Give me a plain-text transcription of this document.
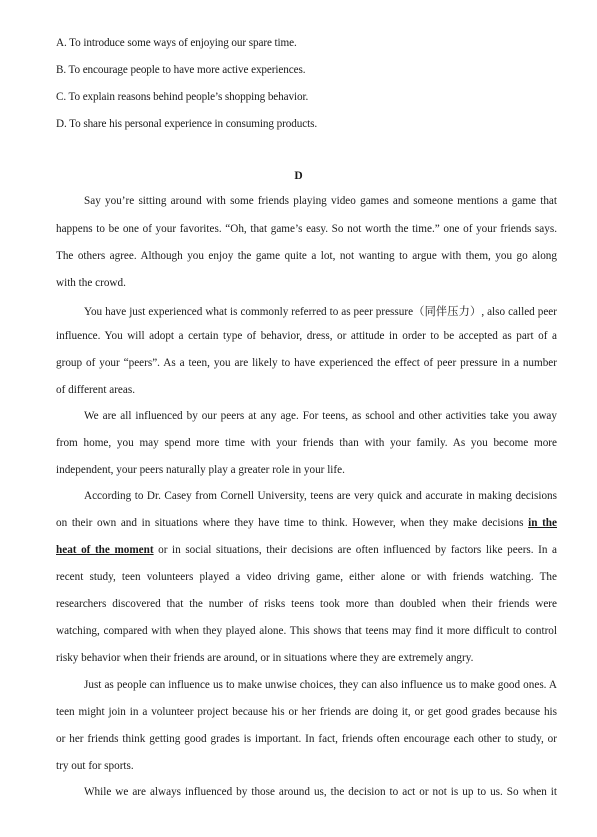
A. To introduce some ways of enjoying our spare time.
B. To encourage people to have more active experiences.
C. To explain reasons behind people’s shopping behavior.
D. To share his personal experience in consuming products.
D
Say you’re sitting around with some friends playing video games and someone mentions a game that
happens to be one of your favorites. “Oh, that game’s easy. So not worth the time.” one of your friends says.
The others agree. Although you enjoy the game quite a lot, not wanting to argue with them, you go along
with the crowd.
You have just experienced what is commonly referred to as peer pressure（同伴压力）, also called peer
influence. You will adopt a certain type of behavior, dress, or attitude in order to be accepted as part of a
group of your “peers”. As a teen, you are likely to have experienced the effect of peer pressure in a number
of different areas.
We are all influenced by our peers at any age. For teens, as school and other activities take you away
from home, you may spend more time with your friends than with your family. As you become more
independent, your peers naturally play a greater role in your life.
According to Dr. Casey from Cornell University, teens are very quick and accurate in making decisions
on their own and in situations where they have time to think. However, when they make decisions in the
heat of the moment or in social situations, their decisions are often influenced by factors like peers. In a
recent study, teen volunteers played a video driving game, either alone or with friends watching. The
researchers discovered that the number of risks teens took more than doubled when their friends were
watching, compared with when they played alone. This shows that teens may find it more difficult to control
risky behavior when their friends are around, or in situations where they are extremely angry.
Just as people can influence us to make unwise choices, they can also influence us to make good ones. A
teen might join in a volunteer project because his or her friends are doing it, or get good grades because his
or her friends think getting good grades is important. In fact, friends often encourage each other to study, or
try out for sports.
While we are always influenced by those around us, the decision to act or not is up to us. So when it
